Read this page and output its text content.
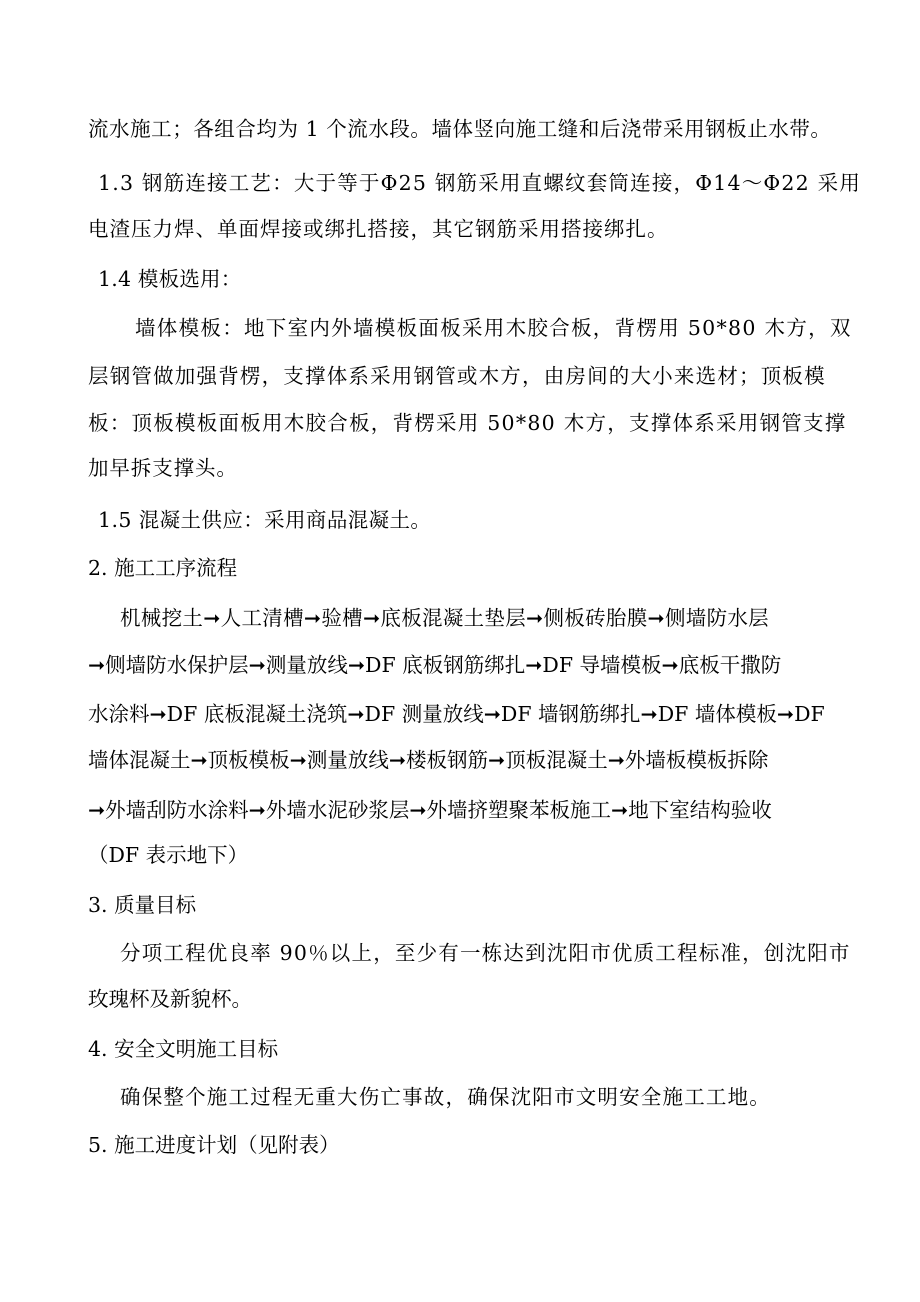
流水施工；各组合均为 1 个流水段。墙体竖向施工缝和后浇带采用钢板止水带。
1.3 钢筋连接工艺：大于等于Φ25 钢筋采用直螺纹套筒连接，Φ14～Φ22 采用
电渣压力焊、单面焊接或绑扎搭接，其它钢筋采用搭接绑扎。
1.4 模板选用：
墙体模板：地下室内外墙模板面板采用木胶合板，背楞用 50*80 木方，双
层钢管做加强背楞，支撑体系采用钢管或木方，由房间的大小来选材；顶板模
板：顶板模板面板用木胶合板，背楞采用 50*80 木方，支撑体系采用钢管支撑
加早拆支撑头。
1.5 混凝土供应：采用商品混凝土。
2. 施工工序流程
机械挖土➞人工清槽➞验槽➞底板混凝土垫层➞侧板砖胎膜➞侧墙防水层
➞侧墙防水保护层➞测量放线➞DF 底板钢筋绑扎➞DF 导墙模板➞底板干撒防
水涂料➞DF 底板混凝土浇筑➞DF 测量放线➞DF 墙钢筋绑扎➞DF 墙体模板➞DF
墙体混凝土➞顶板模板➞测量放线➞楼板钢筋➞顶板混凝土➞外墙板模板拆除
➞外墙刮防水涂料➞外墙水泥砂浆层➞外墙挤塑聚苯板施工➞地下室结构验收
（DF 表示地下）
3. 质量目标
分项工程优良率 90％以上，至少有一栋达到沈阳市优质工程标准，创沈阳市
玫瑰杯及新貌杯。
4. 安全文明施工目标
确保整个施工过程无重大伤亡事故，确保沈阳市文明安全施工工地。
5. 施工进度计划（见附表）
